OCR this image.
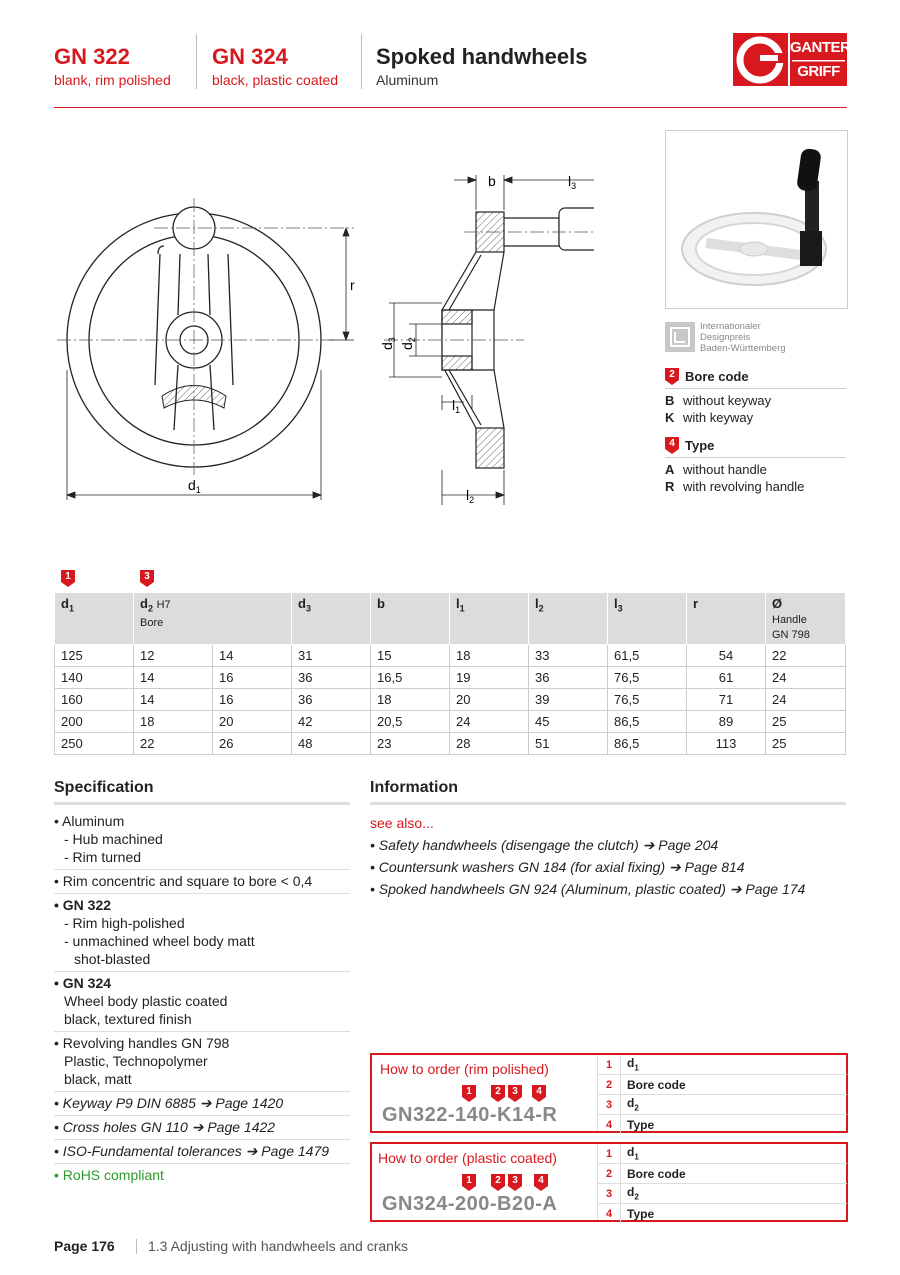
GN 322
blank, rim polished
GN 324
black, plastic coated
Spoked handwheels
Aluminum
GANTER
GRIFF
r
$d_1$
b	$l_3$
$d_3$
$d_2$
$l_1$
$l_2$
Internationaler
Designpreis
Baden-Württemberg
2 Bore code
B without keyway
K with keyway
4 Type
A without handle
R with revolving handle
1	3
$d_1$	$d_2$ H7
Bore		$d_3$	b	$l_1$	$l_2$	$l_3$	r	Ø
Handle
GN 798
125	12	14	31	15	18	33	61,5	54	22
140	14	16	36	16,5	19	36	76,5	61	24
160	14	16	36	18	20	39	76,5	71	24
200	18	20	42	20,5	24	45	86,5	89	25
250	22	26	48	23	28	51	86,5	113	25
Specification
• Aluminum
- Hub machined
- Rim turned
• Rim concentric and square to bore < 0,4
• GN 322
- Rim high-polished
- unmachined wheel body matt
shot-blasted
• GN 324
Wheel body plastic coated
black, textured finish
• Revolving handles GN 798
Plastic, Technopolymer
black, matt
• Keyway P9 DIN 6885 ➔ Page 1420
• Cross holes GN 110 ➔ Page 1422
• ISO-Fundamental tolerances ➔ Page 1479
• RoHS compliant
Information
see also...
• Safety handwheels (disengage the clutch) ➔ Page 204
• Countersunk washers GN 184 (for axial fixing) ➔ Page 814
• Spoked handwheels GN 924 (Aluminum, plastic coated) ➔ Page 174
How to order (rim polished)
1	2	3	4
GN322-140-K14-R
1	$d_1$
2	Bore code
3	$d_2$
4	Type
How to order (plastic coated)
1	2	3	4
GN324-200-B20-A
1	$d_1$
2	Bore code
3	$d_2$
4	Type
Page 176 1.3 Adjusting with handwheels and cranks
